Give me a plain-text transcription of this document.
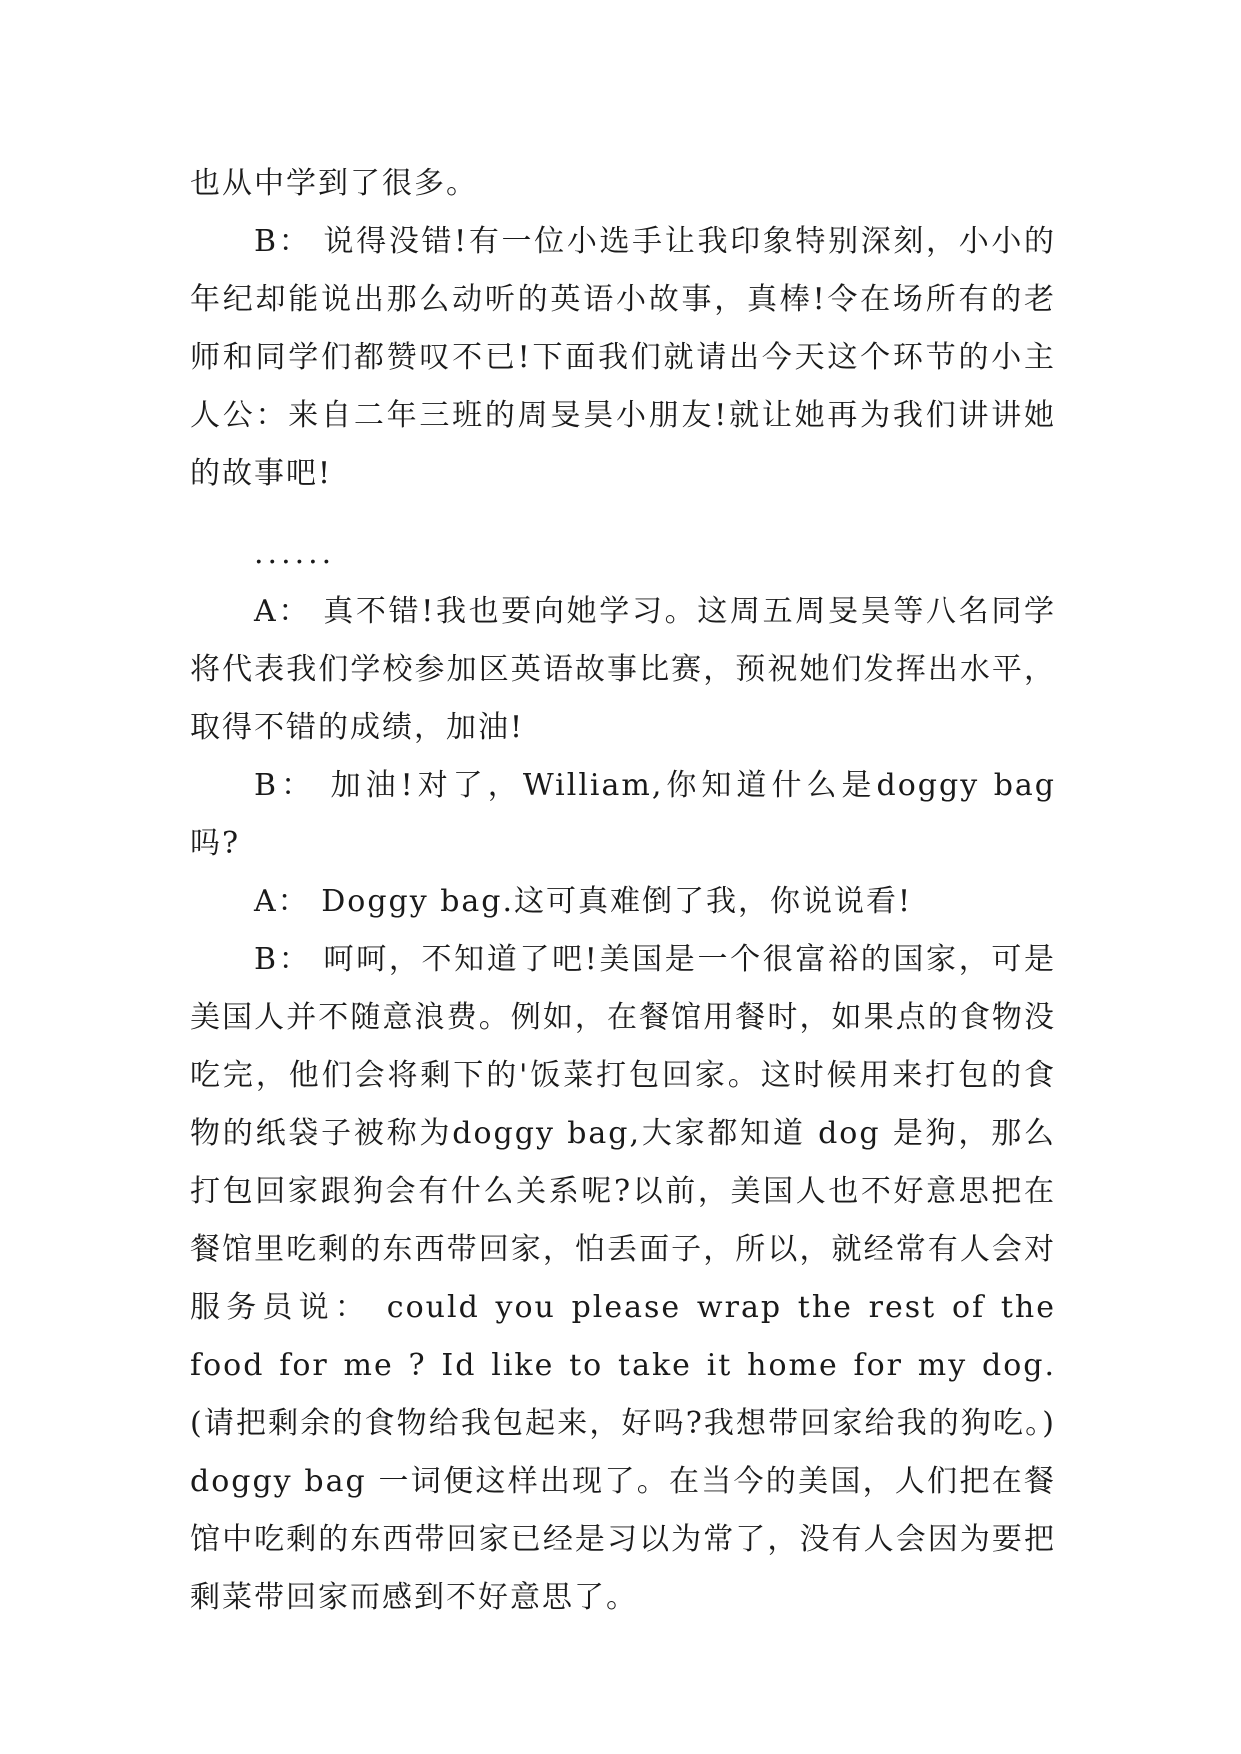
也从中学到了很多。

B： 说得没错!有一位小选手让我印象特别深刻，小小的年纪却能说出那么动听的英语小故事，真棒!令在场所有的老师和同学们都赞叹不已!下面我们就请出今天这个环节的小主人公：来自二年三班的周旻昊小朋友!就让她再为我们讲讲她的故事吧!

......

A： 真不错!我也要向她学习。这周五周旻昊等八名同学将代表我们学校参加区英语故事比赛，预祝她们发挥出水平，取得不错的成绩，加油!

B： 加油!对了，William,你知道什么是doggy bag 吗?

A： Doggy bag.这可真难倒了我，你说说看!

B： 呵呵，不知道了吧!美国是一个很富裕的国家，可是美国人并不随意浪费。例如，在餐馆用餐时，如果点的食物没吃完，他们会将剩下的'饭菜打包回家。这时候用来打包的食物的纸袋子被称为doggy bag,大家都知道 dog 是狗，那么打包回家跟狗会有什么关系呢?以前，美国人也不好意思把在餐馆里吃剩的东西带回家，怕丢面子，所以，就经常有人会对服务员说： could you please wrap the rest of the food for me ? Id like to take it home for my dog.(请把剩余的食物给我包起来，好吗?我想带回家给我的狗吃。) doggy bag 一词便这样出现了。在当今的美国，人们把在餐馆中吃剩的东西带回家已经是习以为常了，没有人会因为要把剩菜带回家而感到不好意思了。
